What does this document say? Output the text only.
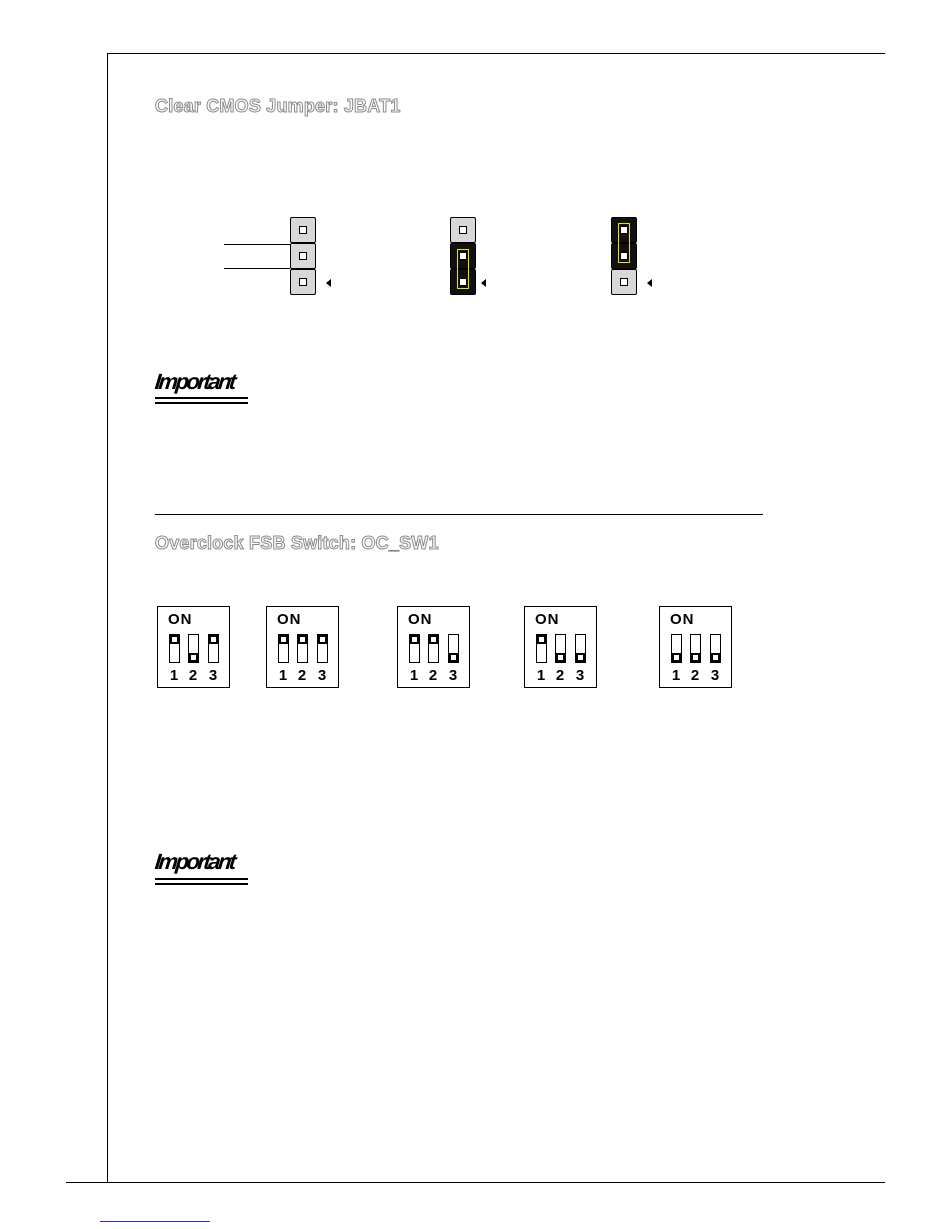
Clear CMOS Jumper: JBAT1
Important
Overclock FSB Switch: OC_SW1
ON
1 2 3
ON
1 2 3
ON
1 2 3
ON
1 2 3
ON
1 2 3
Important
